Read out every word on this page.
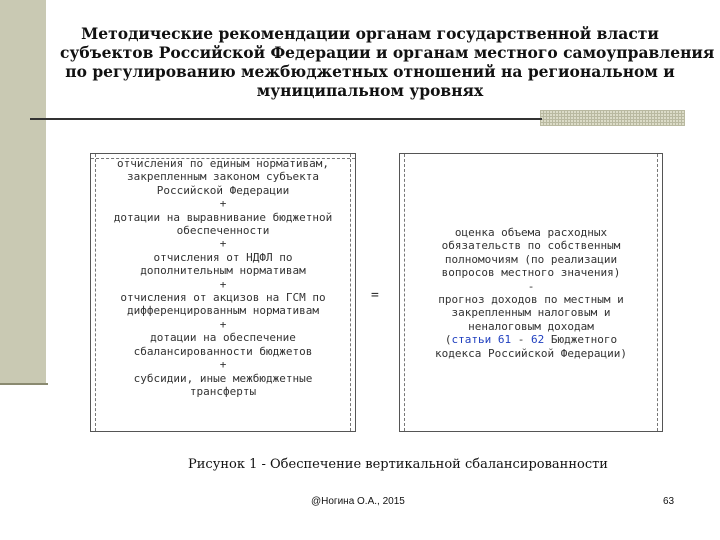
Методические рекомендации органам государственной власти
субъектов Российской Федерации и органам местного самоуправления
по регулированию межбюджетных отношений на региональном и
муниципальном уровнях
отчисления по единым нормативам,
закрепленным законом субъекта
Российской Федерации
+
дотации на выравнивание бюджетной
обеспеченности
+
отчисления от НДФЛ по
дополнительным нормативам
+
отчисления от акцизов на ГСМ по
дифференцированным нормативам
+
дотации на обеспечение
сбалансированности бюджетов
+
субсидии, иные межбюджетные
трансферты
=
оценка объема расходных
обязательств по собственным
полномочиям (по реализации
вопросов местного значения)
-
прогноз доходов по местным и
закрепленным налоговым и
неналоговым доходам
(статьи 61 - 62 Бюджетного
кодекса Российской Федерации)
Рисунок 1 - Обеспечение вертикальной сбалансированности
@Ногина О.А., 2015	63
